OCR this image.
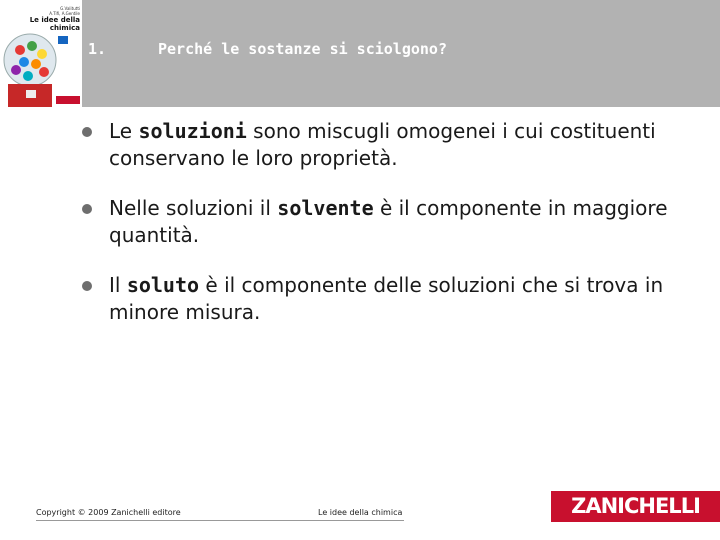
G.Valitutti
A.Tifi, A.Gentile
Le idee della
chimica
1.	Perché le sostanze si sciolgono?
Le soluzioni sono miscugli omogenei i cui costituenti conservano le loro proprietà.
Nelle soluzioni il solvente è il componente in maggiore quantità.
Il soluto è il componente delle soluzioni che si trova in minore misura.
Copyright © 2009 Zanichelli editore	Le idee della chimica	ZANICHELLI
